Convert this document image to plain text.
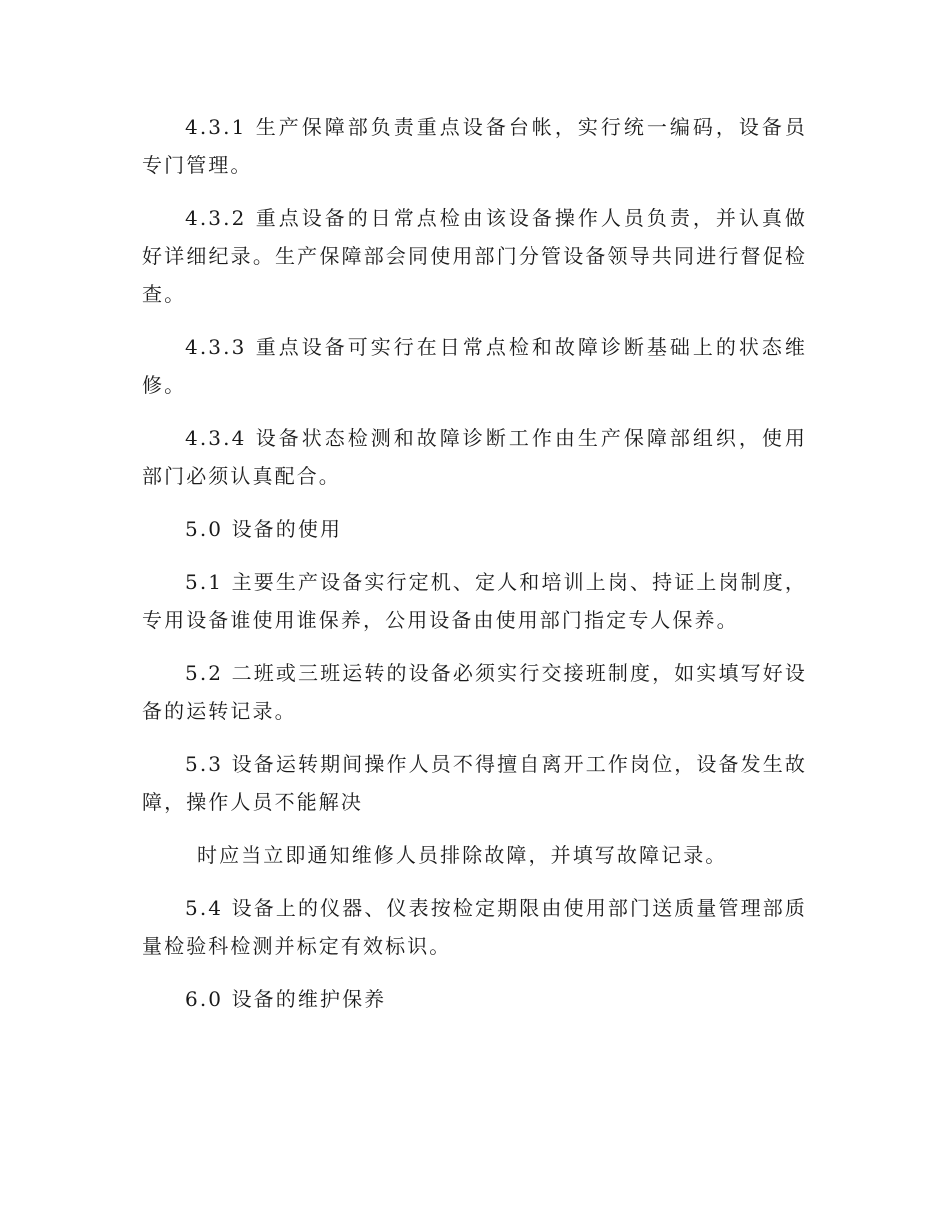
4.3.1 生产保障部负责重点设备台帐，实行统一编码，设备员专门管理。

4.3.2 重点设备的日常点检由该设备操作人员负责，并认真做好详细纪录。生产保障部会同使用部门分管设备领导共同进行督促检查。

4.3.3 重点设备可实行在日常点检和故障诊断基础上的状态维修。

4.3.4 设备状态检测和故障诊断工作由生产保障部组织，使用部门必须认真配合。

5.0 设备的使用

5.1 主要生产设备实行定机、定人和培训上岗、持证上岗制度，专用设备谁使用谁保养，公用设备由使用部门指定专人保养。

5.2 二班或三班运转的设备必须实行交接班制度，如实填写好设备的运转记录。

5.3 设备运转期间操作人员不得擅自离开工作岗位，设备发生故障，操作人员不能解决

时应当立即通知维修人员排除故障，并填写故障记录。

5.4 设备上的仪器、仪表按检定期限由使用部门送质量管理部质量检验科检测并标定有效标识。

6.0 设备的维护保养
